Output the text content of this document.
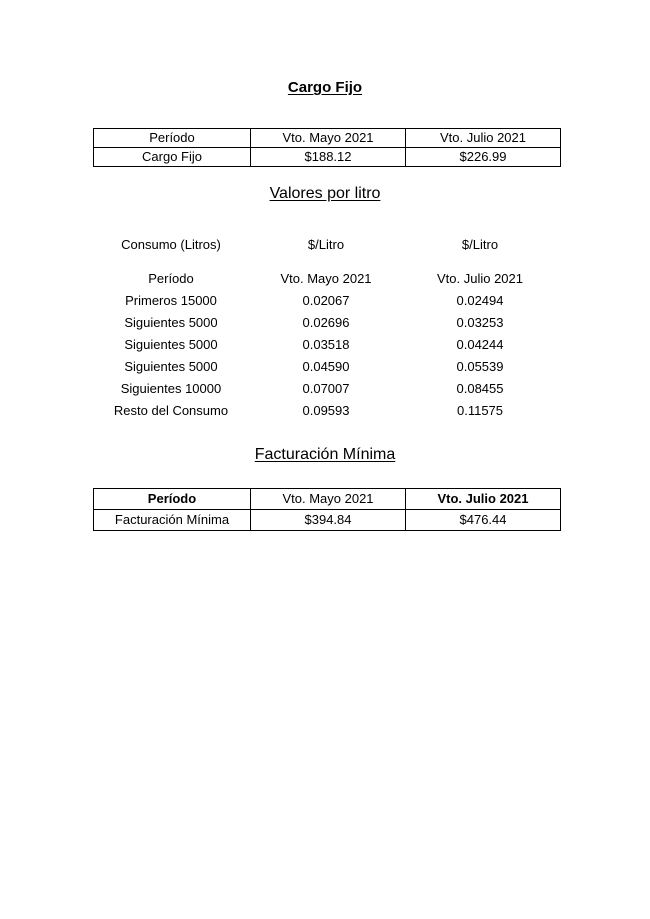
Cargo Fijo
Período	Vto. Mayo 2021	Vto. Julio 2021
Cargo Fijo	$188.12	$226.99
Valores por litro
Consumo (Litros)	$/Litro	$/Litro
Período	Vto. Mayo 2021	Vto. Julio 2021
Primeros 15000	0.02067	0.02494
Siguientes 5000	0.02696	0.03253
Siguientes 5000	0.03518	0.04244
Siguientes 5000	0.04590	0.05539
Siguientes 10000	0.07007	0.08455
Resto del Consumo	0.09593	0.11575
Facturación Mínima
Período	Vto. Mayo 2021	Vto. Julio 2021
Facturación Mínima	$394.84	$476.44
